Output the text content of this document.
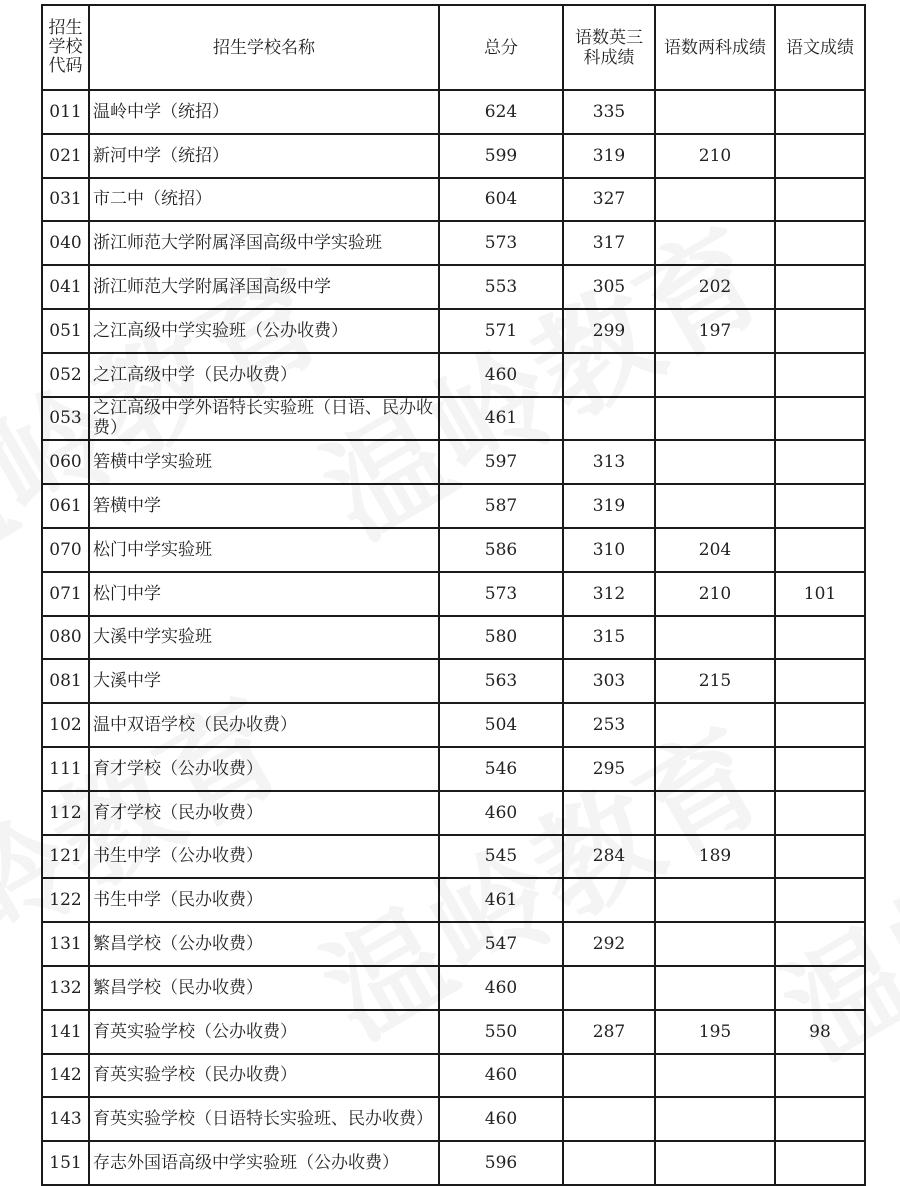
招生
学校
代码	招生学校名称	总分	语数英三科成绩	语数两科成绩	语文成绩
011	温岭中学（统招）	624	335		
021	新河中学（统招）	599	319	210	
031	市二中（统招）	604	327		
040	浙江师范大学附属泽国高级中学实验班	573	317		
041	浙江师范大学附属泽国高级中学	553	305	202	
051	之江高级中学实验班（公办收费）	571	299	197	
052	之江高级中学（民办收费）	460			
053	之江高级中学外语特长实验班（日语、民办收费）	461			
060	箬横中学实验班	597	313		
061	箬横中学	587	319		
070	松门中学实验班	586	310	204	
071	松门中学	573	312	210	101
080	大溪中学实验班	580	315		
081	大溪中学	563	303	215	
102	温中双语学校（民办收费）	504	253		
111	育才学校（公办收费）	546	295		
112	育才学校（民办收费）	460			
121	书生中学（公办收费）	545	284	189	
122	书生中学（民办收费）	461			
131	繁昌学校（公办收费）	547	292		
132	繁昌学校（民办收费）	460			
141	育英实验学校（公办收费）	550	287	195	98
142	育英实验学校（民办收费）	460			
143	育英实验学校（日语特长实验班、民办收费）	460			
151	存志外国语高级中学实验班（公办收费）	596			
